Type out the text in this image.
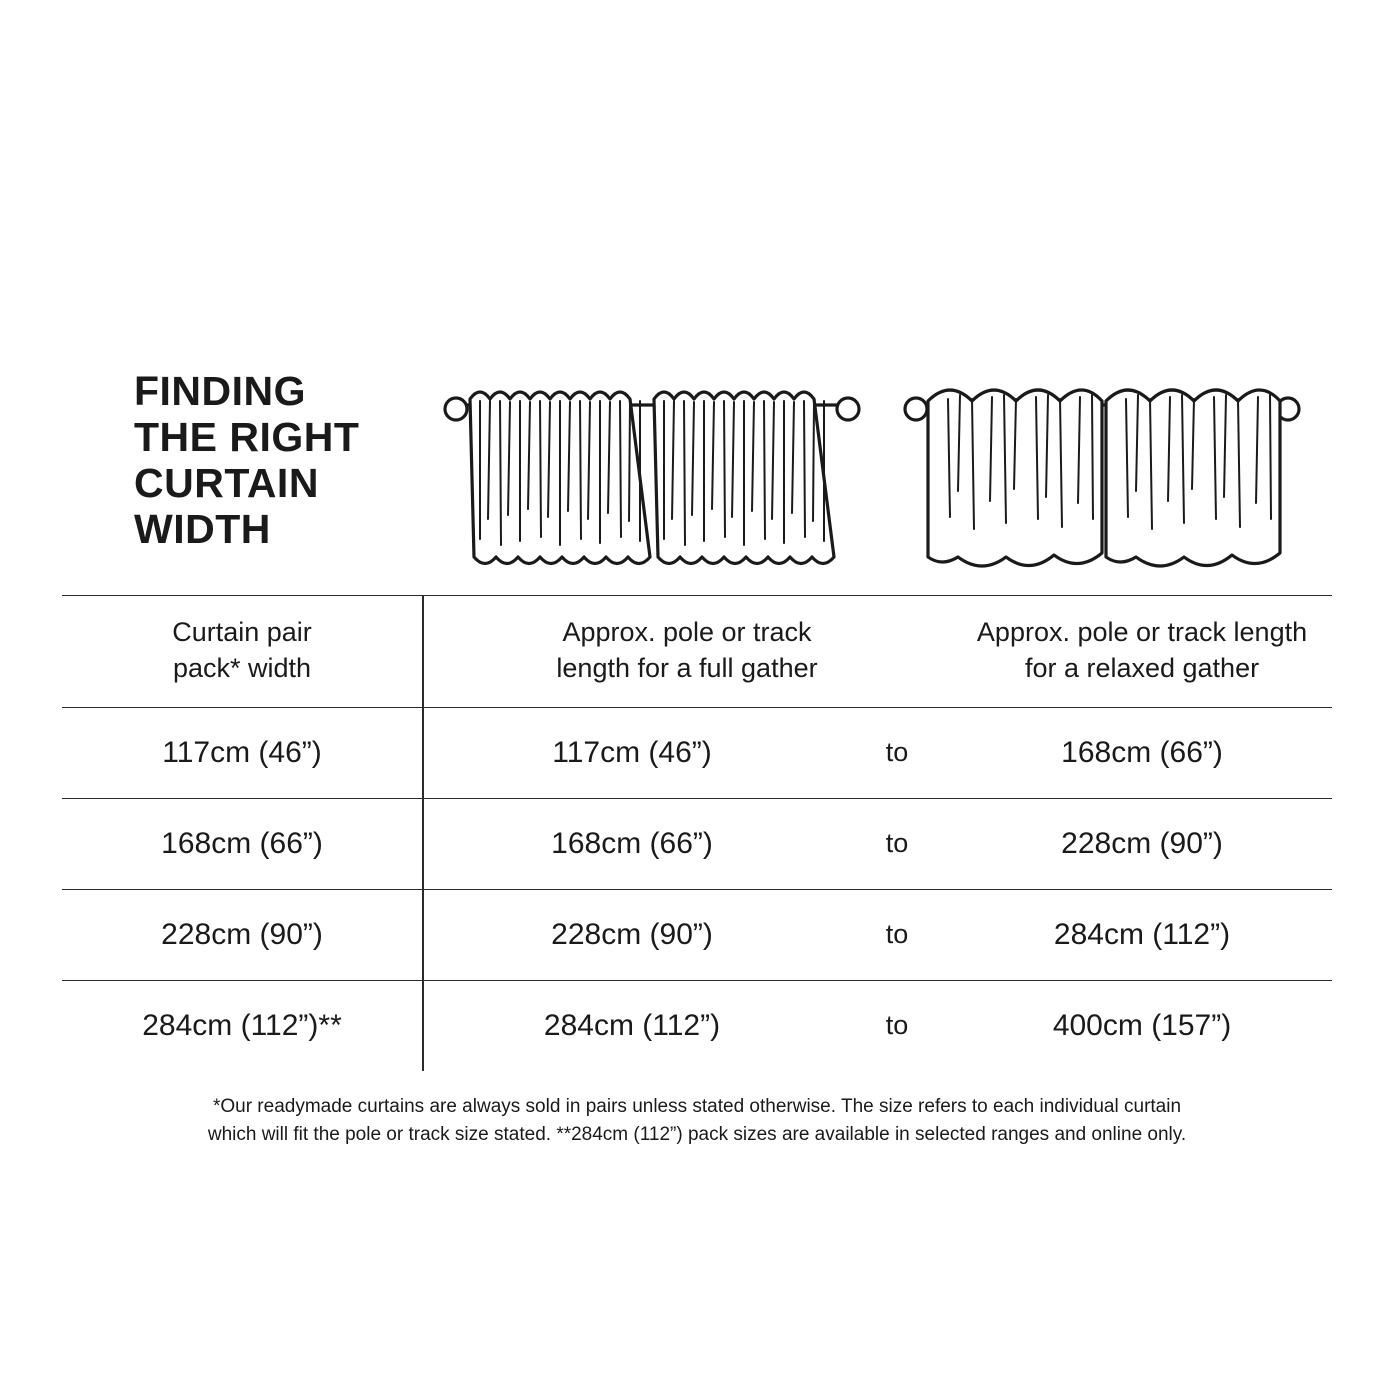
FINDING
THE RIGHT
CURTAIN
WIDTH
Curtain pair
pack* width

Approx. pole or track
length for a full gather

Approx. pole or track length
for a relaxed gather

117cm (46”)	117cm (46”)	to	168cm (66”)
168cm (66”)	168cm (66”)	to	228cm (90”)
228cm (90”)	228cm (90”)	to	284cm (112”)
284cm (112”)**	284cm (112”)	to	400cm (157”)
*Our readymade curtains are always sold in pairs unless stated otherwise. The size refers to each individual curtain
which will fit the pole or track size stated. **284cm (112”) pack sizes are available in selected ranges and online only.
